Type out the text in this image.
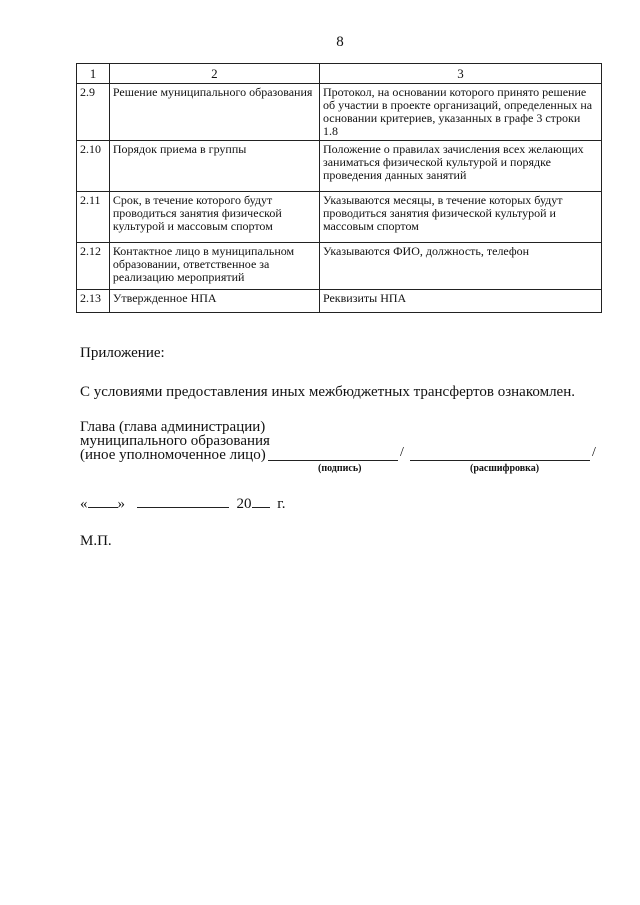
8
1	2	3
2.9	Решение муниципального образования	Протокол, на основании которого принято решение об участии в проекте организаций, определенных на основании критериев, указанных в графе 3 строки 1.8
2.10	Порядок приема в группы	Положение о правилах зачисления всех желающих заниматься физической культурой и порядке проведения данных занятий
2.11	Срок, в течение которого будут проводиться занятия физической культурой и массовым спортом	Указываются месяцы, в течение которых будут проводиться занятия физической культурой и массовым спортом
2.12	Контактное лицо в муниципальном образовании, ответственное за реализацию мероприятий	Указываются ФИО, должность, телефон
2.13	Утвержденное НПА	Реквизиты НПА
Приложение:
С условиями предоставления иных межбюджетных трансфертов ознакомлен.
Глава (глава администрации)
муниципального образования
(иное уполномоченное лицо)	/	/
(подпись)	(расшифровка)
« »	20 г.
М.П.
